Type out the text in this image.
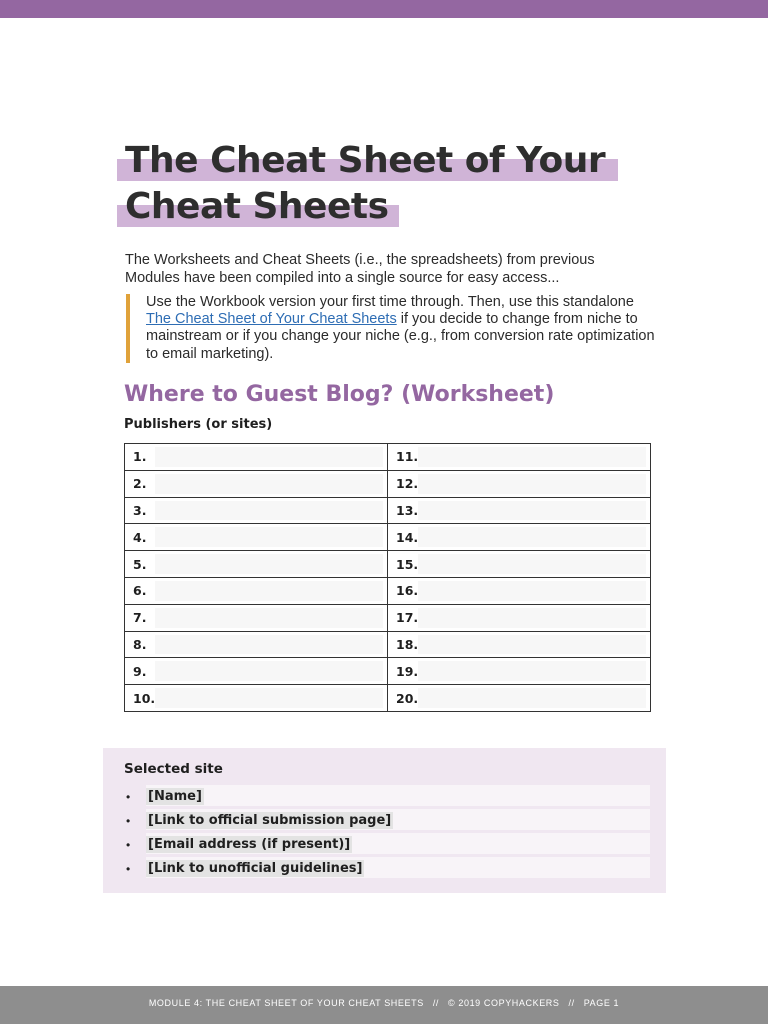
The Cheat Sheet of Your
Cheat Sheets

The Worksheets and Cheat Sheets (i.e., the spreadsheets) from previous Modules have been compiled into a single source for easy access...

Use the Workbook version your first time through. Then, use this standalone The Cheat Sheet of Your Cheat Sheets if you decide to change from niche to mainstream or if you change your niche (e.g., from conversion rate optimization to email marketing).
Where to Guest Blog? (Worksheet)
Publishers (or sites)
1.	11.

2.	12.

3.	13.

4.	14.

5.	15.

6.	16.

7.	17.

8.	18.

9.	19.

10.	20.
Selected site
• [Name]
• [Link to official submission page]
• [Email address (if present)]
• [Link to unofficial guidelines]
MODULE 4: THE CHEAT SHEET OF YOUR CHEAT SHEETS // © 2019 COPYHACKERS // PAGE 1
